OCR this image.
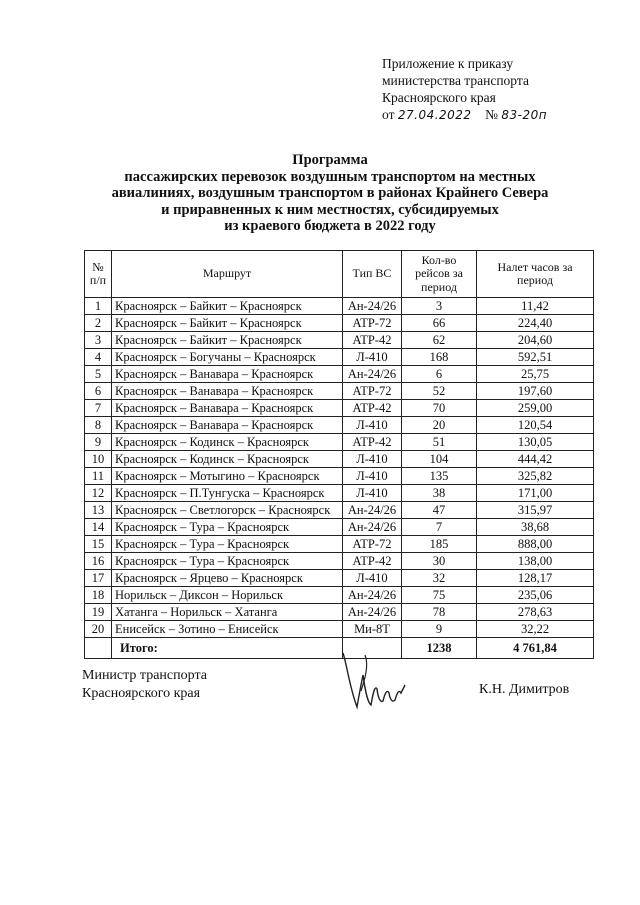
Приложение к приказу
министерства транспорта
Красноярского края
от 27.04.2022 № 83-20п
Программа
пассажирских перевозок воздушным транспортом на местных
авиалиниях, воздушным транспортом в районах Крайнего Севера
и приравненных к ним местностях, субсидируемых
из краевого бюджета в 2022 году
№ п/п	Маршрут	Тип ВС	Кол-во рейсов за период	Налет часов за период
1	Красноярск – Байкит – Красноярск	Ан-24/26	3	11,42
2	Красноярск – Байкит – Красноярск	ATP-72	66	224,40
3	Красноярск – Байкит – Красноярск	ATP-42	62	204,60
4	Красноярск – Богучаны – Красноярск	Л-410	168	592,51
5	Красноярск – Ванавара – Красноярск	Ан-24/26	6	25,75
6	Красноярск – Ванавара – Красноярск	ATP-72	52	197,60
7	Красноярск – Ванавара – Красноярск	ATP-42	70	259,00
8	Красноярск – Ванавара – Красноярск	Л-410	20	120,54
9	Красноярск – Кодинск – Красноярск	ATP-42	51	130,05
10	Красноярск – Кодинск – Красноярск	Л-410	104	444,42
11	Красноярск – Мотыгино – Красноярск	Л-410	135	325,82
12	Красноярск – П.Тунгуска – Красноярск	Л-410	38	171,00
13	Красноярск – Светлогорск – Красноярск	Ан-24/26	47	315,97
14	Красноярск – Тура – Красноярск	Ан-24/26	7	38,68
15	Красноярск – Тура – Красноярск	ATP-72	185	888,00
16	Красноярск – Тура – Красноярск	ATP-42	30	138,00
17	Красноярск – Ярцево – Красноярск	Л-410	32	128,17
18	Норильск – Диксон – Норильск	Ан-24/26	75	235,06
19	Хатанга – Норильск – Хатанга	Ан-24/26	78	278,63
20	Енисейск – Зотино – Енисейск	Ми-8Т	9	32,22
	Итого:		1238	4 761,84
Министр транспорта
Красноярского края	К.Н. Димитров
